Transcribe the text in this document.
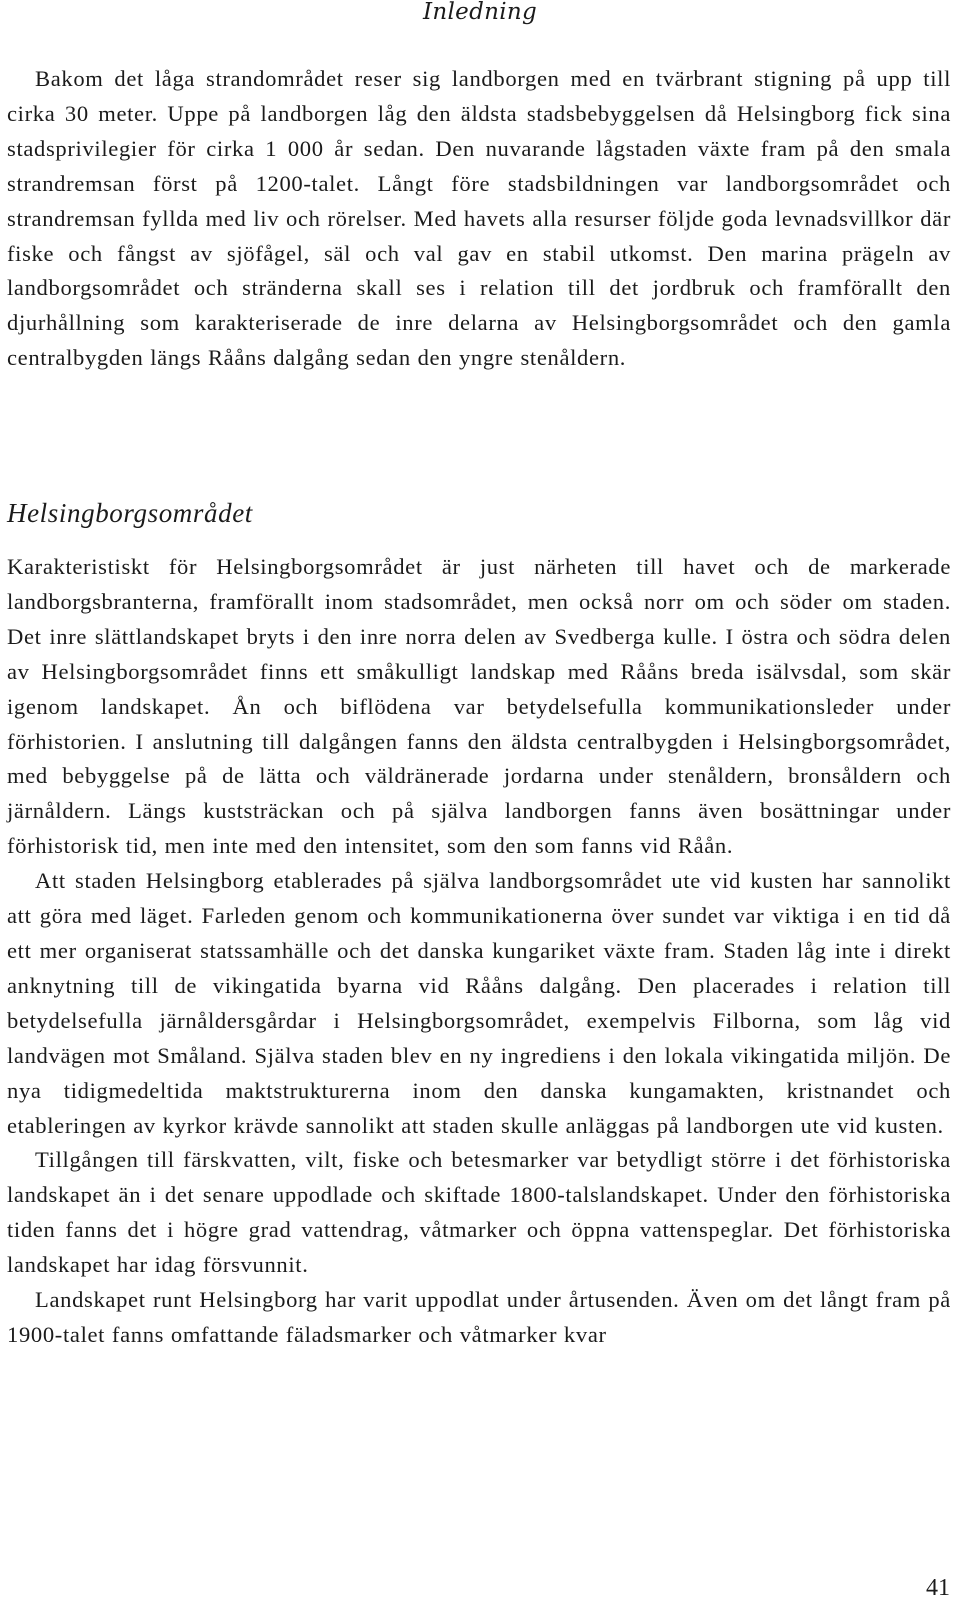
Inledning

Bakom det låga strandområdet reser sig landborgen med en tvärbrant stigning på upp till cirka 30 meter. Uppe på landborgen låg den äldsta stadsbebyggelsen då Helsingborg fick sina stadsprivilegier för cirka 1 000 år sedan. Den nuvarande lågstaden växte fram på den smala strandremsan först på 1200-talet. Långt före stadsbildningen var landborgsområdet och strandremsan fyllda med liv och rörelser. Med havets alla resurser följde goda levnadsvillkor där fiske och fångst av sjöfågel, säl och val gav en stabil utkomst. Den marina prägeln av landborgsområdet och stränderna skall ses i relation till det jordbruk och framförallt den djurhållning som karakteriserade de inre delarna av Helsingborgsområdet och den gamla centralbygden längs Rååns dalgång sedan den yngre stenåldern.

Helsingborgsområdet

Karakteristiskt för Helsingborgsområdet är just närheten till havet och de markerade landborgsbranterna, framförallt inom stadsområdet, men också norr om och söder om staden. Det inre slättlandskapet bryts i den inre norra delen av Svedberga kulle. I östra och södra delen av Helsingborgsområdet finns ett småkulligt landskap med Rååns breda isälvsdal, som skär igenom landskapet. Ån och biflödena var betydelsefulla kommunikationsleder under förhistorien. I anslutning till dalgången fanns den äldsta centralbygden i Helsingborgsområdet, med bebyggelse på de lätta och väldränerade jordarna under stenåldern, bronsåldern och järnåldern. Längs kuststräckan och på själva landborgen fanns även bosättningar under förhistorisk tid, men inte med den intensitet, som den som fanns vid Råån.

Att staden Helsingborg etablerades på själva landborgsområdet ute vid kusten har sannolikt att göra med läget. Farleden genom och kommunikationerna över sundet var viktiga i en tid då ett mer organiserat statssamhälle och det danska kungariket växte fram. Staden låg inte i direkt anknytning till de vikingatida byarna vid Rååns dalgång. Den placerades i relation till betydelsefulla järnåldersgårdar i Helsingborgsområdet, exempelvis Filborna, som låg vid landvägen mot Småland. Själva staden blev en ny ingrediens i den lokala vikingatida miljön. De nya tidigmedeltida maktstrukturerna inom den danska kungamakten, kristnandet och etableringen av kyrkor krävde sannolikt att staden skulle anläggas på landborgen ute vid kusten.

Tillgången till färskvatten, vilt, fiske och betesmarker var betydligt större i det förhistoriska landskapet än i det senare uppodlade och skiftade 1800-talslandskapet. Under den förhistoriska tiden fanns det i högre grad vattendrag, våtmarker och öppna vattenspeglar. Det förhistoriska landskapet har idag försvunnit.

Landskapet runt Helsingborg har varit uppodlat under årtusenden. Även om det långt fram på 1900-talet fanns omfattande fäladsmarker och våtmarker kvar

41
